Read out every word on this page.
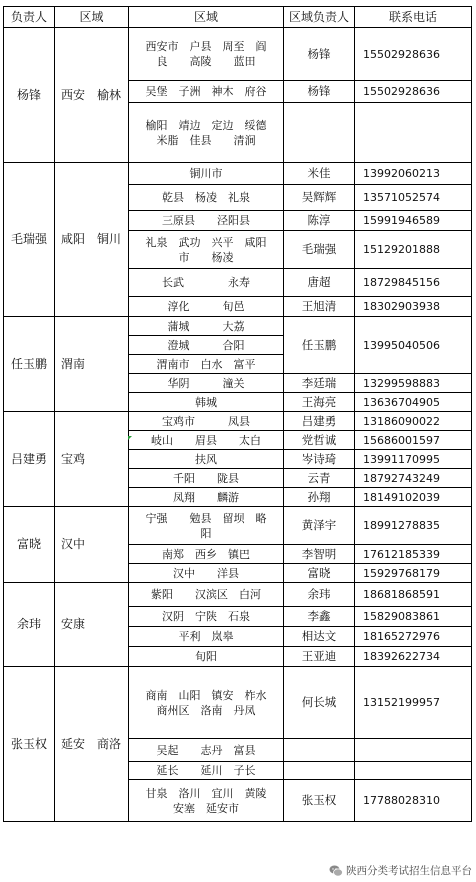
负责人	区域	区域	区域负责人	联系电话
杨锋	西安　榆林	西安市　户县　周至　阎
良　　高陵　　蓝田	杨锋	15502928636
		吴堡　子洲　神木　府谷	杨锋	15502928636
		榆阳　靖边　定边　绥德
米脂　佳县　　清涧		
毛瑞强	咸阳　铜川	铜川市	米佳	13992060213
		乾县　杨凌　礼泉	吴辉辉	13571052574
		三原县　　泾阳县	陈淳	15991946589
		礼泉　武功　兴平　咸阳
市　　杨凌	毛瑞强	15129201888
		长武　　　　永寿	唐超	18729845156
		淳化　　　旬邑	王旭清	18302903938
任玉鹏	渭南	蒲城　　　大荔	任玉鹏	13995040506
		澄城　　　合阳		
		渭南市　白水　富平		
		华阴　　　潼关	李廷瑞	13299598883
		韩城	王海亮	13636704905
吕建勇	宝鸡	宝鸡市　　　凤县	吕建勇	13186090022
		岐山　　眉县　　太白	党哲诚	15686001597
		扶风	岑诗琦	13991170995
		千阳　　陇县	云青	18792743249
		凤翔　　麟游	孙翔	18149102039
富晓	汉中	宁强　　勉县　留坝　略
阳	黄泽宇	18991278835
		南郑　西乡　镇巴	李智明	17612185339
		汉中　　洋县	富晓	15929768179
余玮	安康	紫阳　　汉滨区　白河	余玮	18681868591
		汉阴　宁陕　石泉	李鑫	15829083861
		平利　岚皋	相达文	18165272976
		旬阳	王亚迪	18392622734
张玉权	延安　商洛	商南　山阳　镇安　柞水
商州区　洛南　丹凤	何长城	13152199957
		吴起　　志丹　富县		
		延长　　延川　子长		
		甘泉　洛川　宜川　黄陵
安塞　延安市	张玉权	17788028310
陕西分类考试招生信息平台
